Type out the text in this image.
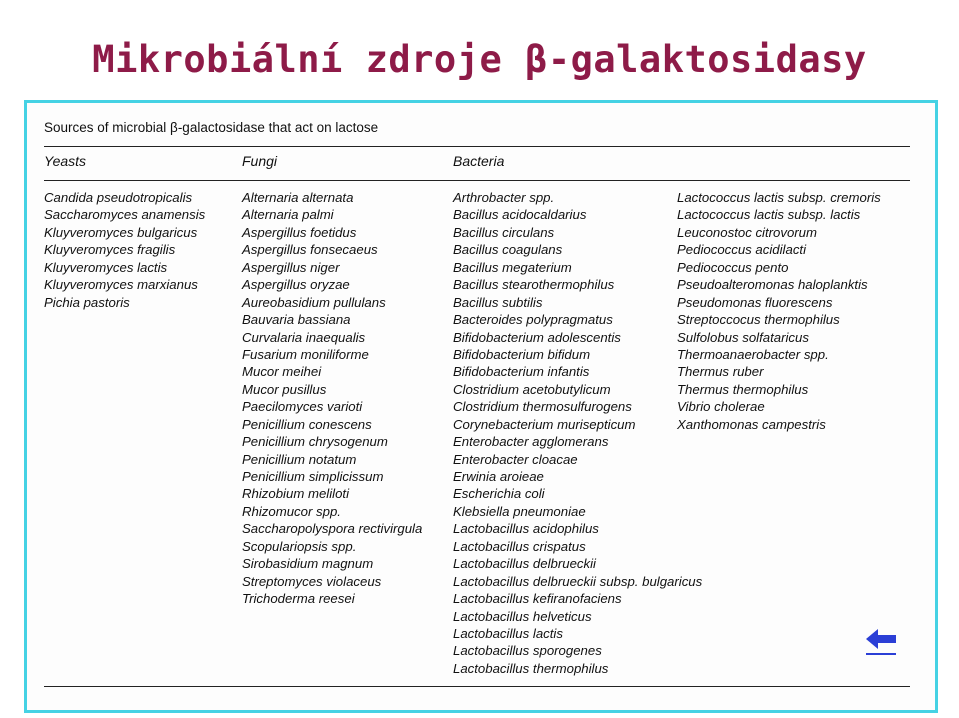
Mikrobiální zdroje β-galaktosidasy
Sources of microbial β-galactosidase that act on lactose
Yeasts	Fungi	Bacteria
Candida pseudotropicalis
Saccharomyces anamensis
Kluyveromyces bulgaricus
Kluyveromyces fragilis
Kluyveromyces lactis
Kluyveromyces marxianus
Pichia pastoris
Alternaria alternata
Alternaria palmi
Aspergillus foetidus
Aspergillus fonsecaeus
Aspergillus niger
Aspergillus oryzae
Aureobasidium pullulans
Bauvaria bassiana
Curvalaria inaequalis
Fusarium moniliforme
Mucor meihei
Mucor pusillus
Paecilomyces varioti
Penicillium conescens
Penicillium chrysogenum
Penicillium notatum
Penicillium simplicissum
Rhizobium meliloti
Rhizomucor spp.
Saccharopolyspora rectivirgula
Scopulariopsis spp.
Sirobasidium magnum
Streptomyces violaceus
Trichoderma reesei
Arthrobacter spp.
Bacillus acidocaldarius
Bacillus circulans
Bacillus coagulans
Bacillus megaterium
Bacillus stearothermophilus
Bacillus subtilis
Bacteroides polypragmatus
Bifidobacterium adolescentis
Bifidobacterium bifidum
Bifidobacterium infantis
Clostridium acetobutylicum
Clostridium thermosulfurogens
Corynebacterium murisepticum
Enterobacter agglomerans
Enterobacter cloacae
Erwinia aroieae
Escherichia coli
Klebsiella pneumoniae
Lactobacillus acidophilus
Lactobacillus crispatus
Lactobacillus delbrueckii
Lactobacillus delbrueckii subsp. bulgaricus
Lactobacillus kefiranofaciens
Lactobacillus helveticus
Lactobacillus lactis
Lactobacillus sporogenes
Lactobacillus thermophilus
Lactococcus lactis subsp. cremoris
Lactococcus lactis subsp. lactis
Leuconostoc citrovorum
Pediococcus acidilacti
Pediococcus pento
Pseudoalteromonas haloplanktis
Pseudomonas fluorescens
Streptoccocus thermophilus
Sulfolobus solfataricus
Thermoanaerobacter spp.
Thermus ruber
Thermus thermophilus
Vibrio cholerae
Xanthomonas campestris
